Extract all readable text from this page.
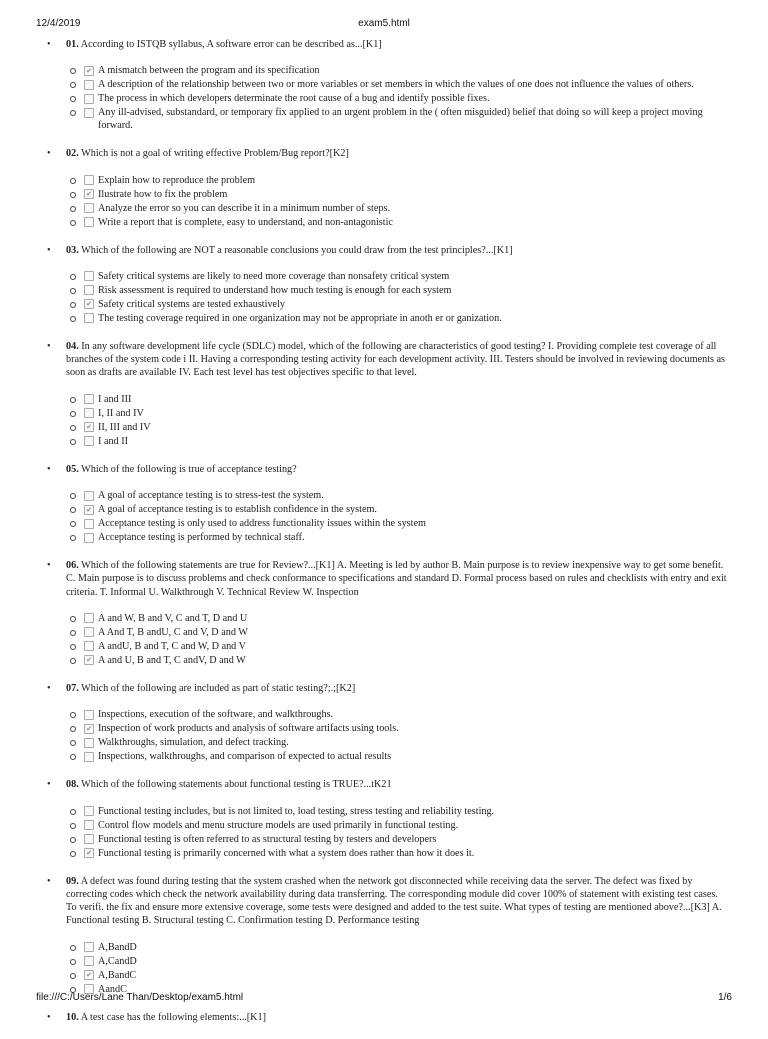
12/4/2019	exam5.html
• 01. According to ISTQB syllabus, A software error can be described as...[K1]
✔ A mismatch between the program and its specification
A description of the relationship between two or more variables or set members in which the values of one does not influence the values of others.
The process in which developers determinate the root cause of a bug and identify possible fixes.
Any ill-advised, substandard, or temporary fix applied to an urgent problem in the ( often misguided) belief that doing so will keep a project moving forward.
• 02. Which is not a goal of writing effective Problem/Bug report?[K2]
Explain how to reproduce the problem
✔ Ilustrate how to fix the problem
Analyze the error so you can describe it in a minimum number of steps.
Write a report that is complete, easy to understand, and non-antagonistic
• 03. Which of the following are NOT a reasonable conclusions you could draw from the test principles?...[K1]
Safety critical systems are likely to need more coverage than nonsafety critical system
Risk assessment is required to understand how much testing is enough for each system
✔ Safety critical systems are tested exhaustively
The testing coverage required in one organization may not be appropriate in anoth er or ganization.
• 04. In any software development life cycle (SDLC) model, which of the following are characteristics of good testing? I. Providing complete test coverage of all branches of the system code i II. Having a corresponding testing activity for each development activity. III. Testers should be involved in reviewing documents as soon as drafts are available IV. Each test level has test objectives specific to that level.
I and III
I, II and IV
✔ II, III and IV
I and II
• 05. Which of the following is true of acceptance testing?
A goal of acceptance testing is to stress-test the system.
✔ A goal of acceptance testing is to establish confidence in the system.
Acceptance testing is only used to address functionality issues within the system
Acceptance testing is performed by technical staff.
• 06. Which of the following statements are true for Review?...[K1] A. Meeting is led by author B. Main purpose is to review inexpensive way to get some benefit. C. Main purpose is to discuss problems and check conformance to specifications and standard D. Formal process based on rules and checklists with entry and exit criteria. T. Informal U. Walkthrough V. Technical Review W. Inspection
A and W, B and V, C and T, D and U
A And T, B andU, C and V, D and W
A andU, B and T, C and W, D and V
✔ A and U, B and T, C andV, D and W
• 07. Which of the following are included as part of static testing?;.;[K2]
Inspections, execution of the software, and walkthroughs.
✔ Inspection of work products and analysis of software artifacts using tools.
Walkthroughs, simulation, and defect tracking.
Inspections, walkthroughs, and comparison of expected to actual results
• 08. Which of the following statements about functional testing is TRUE?...tK21
Functional testing includes, but is not limited to, load testing, stress testing and reliability testing.
Control flow models and menu structure models are used primarily in functional testing.
Functional testing is often referred to as structural testing by testers and developers
✔ Functional testing is primarily concerned with what a system does rather than how it does it.
• 09. A defect was found during testing that the system crashed when the network got disconnected while receiving data the server. The defect was fixed by correcting codes which check the network availability during data transferring. The corresponding module did cover 100% of statement with existing test cases. To verifi. the fix and ensure more extensive coverage, some tests were designed and added to the test suite. What types of testing are mentioned above?...[K3] A. Functional testing B. Structural testing C. Confirmation testing D. Performance testing
A,BandD
A,CandD
✔ A,BandC
AandC
• 10. A test case has the following elements:...[K1]
file:///C:/Users/Lane Than/Desktop/exam5.html	1/6
